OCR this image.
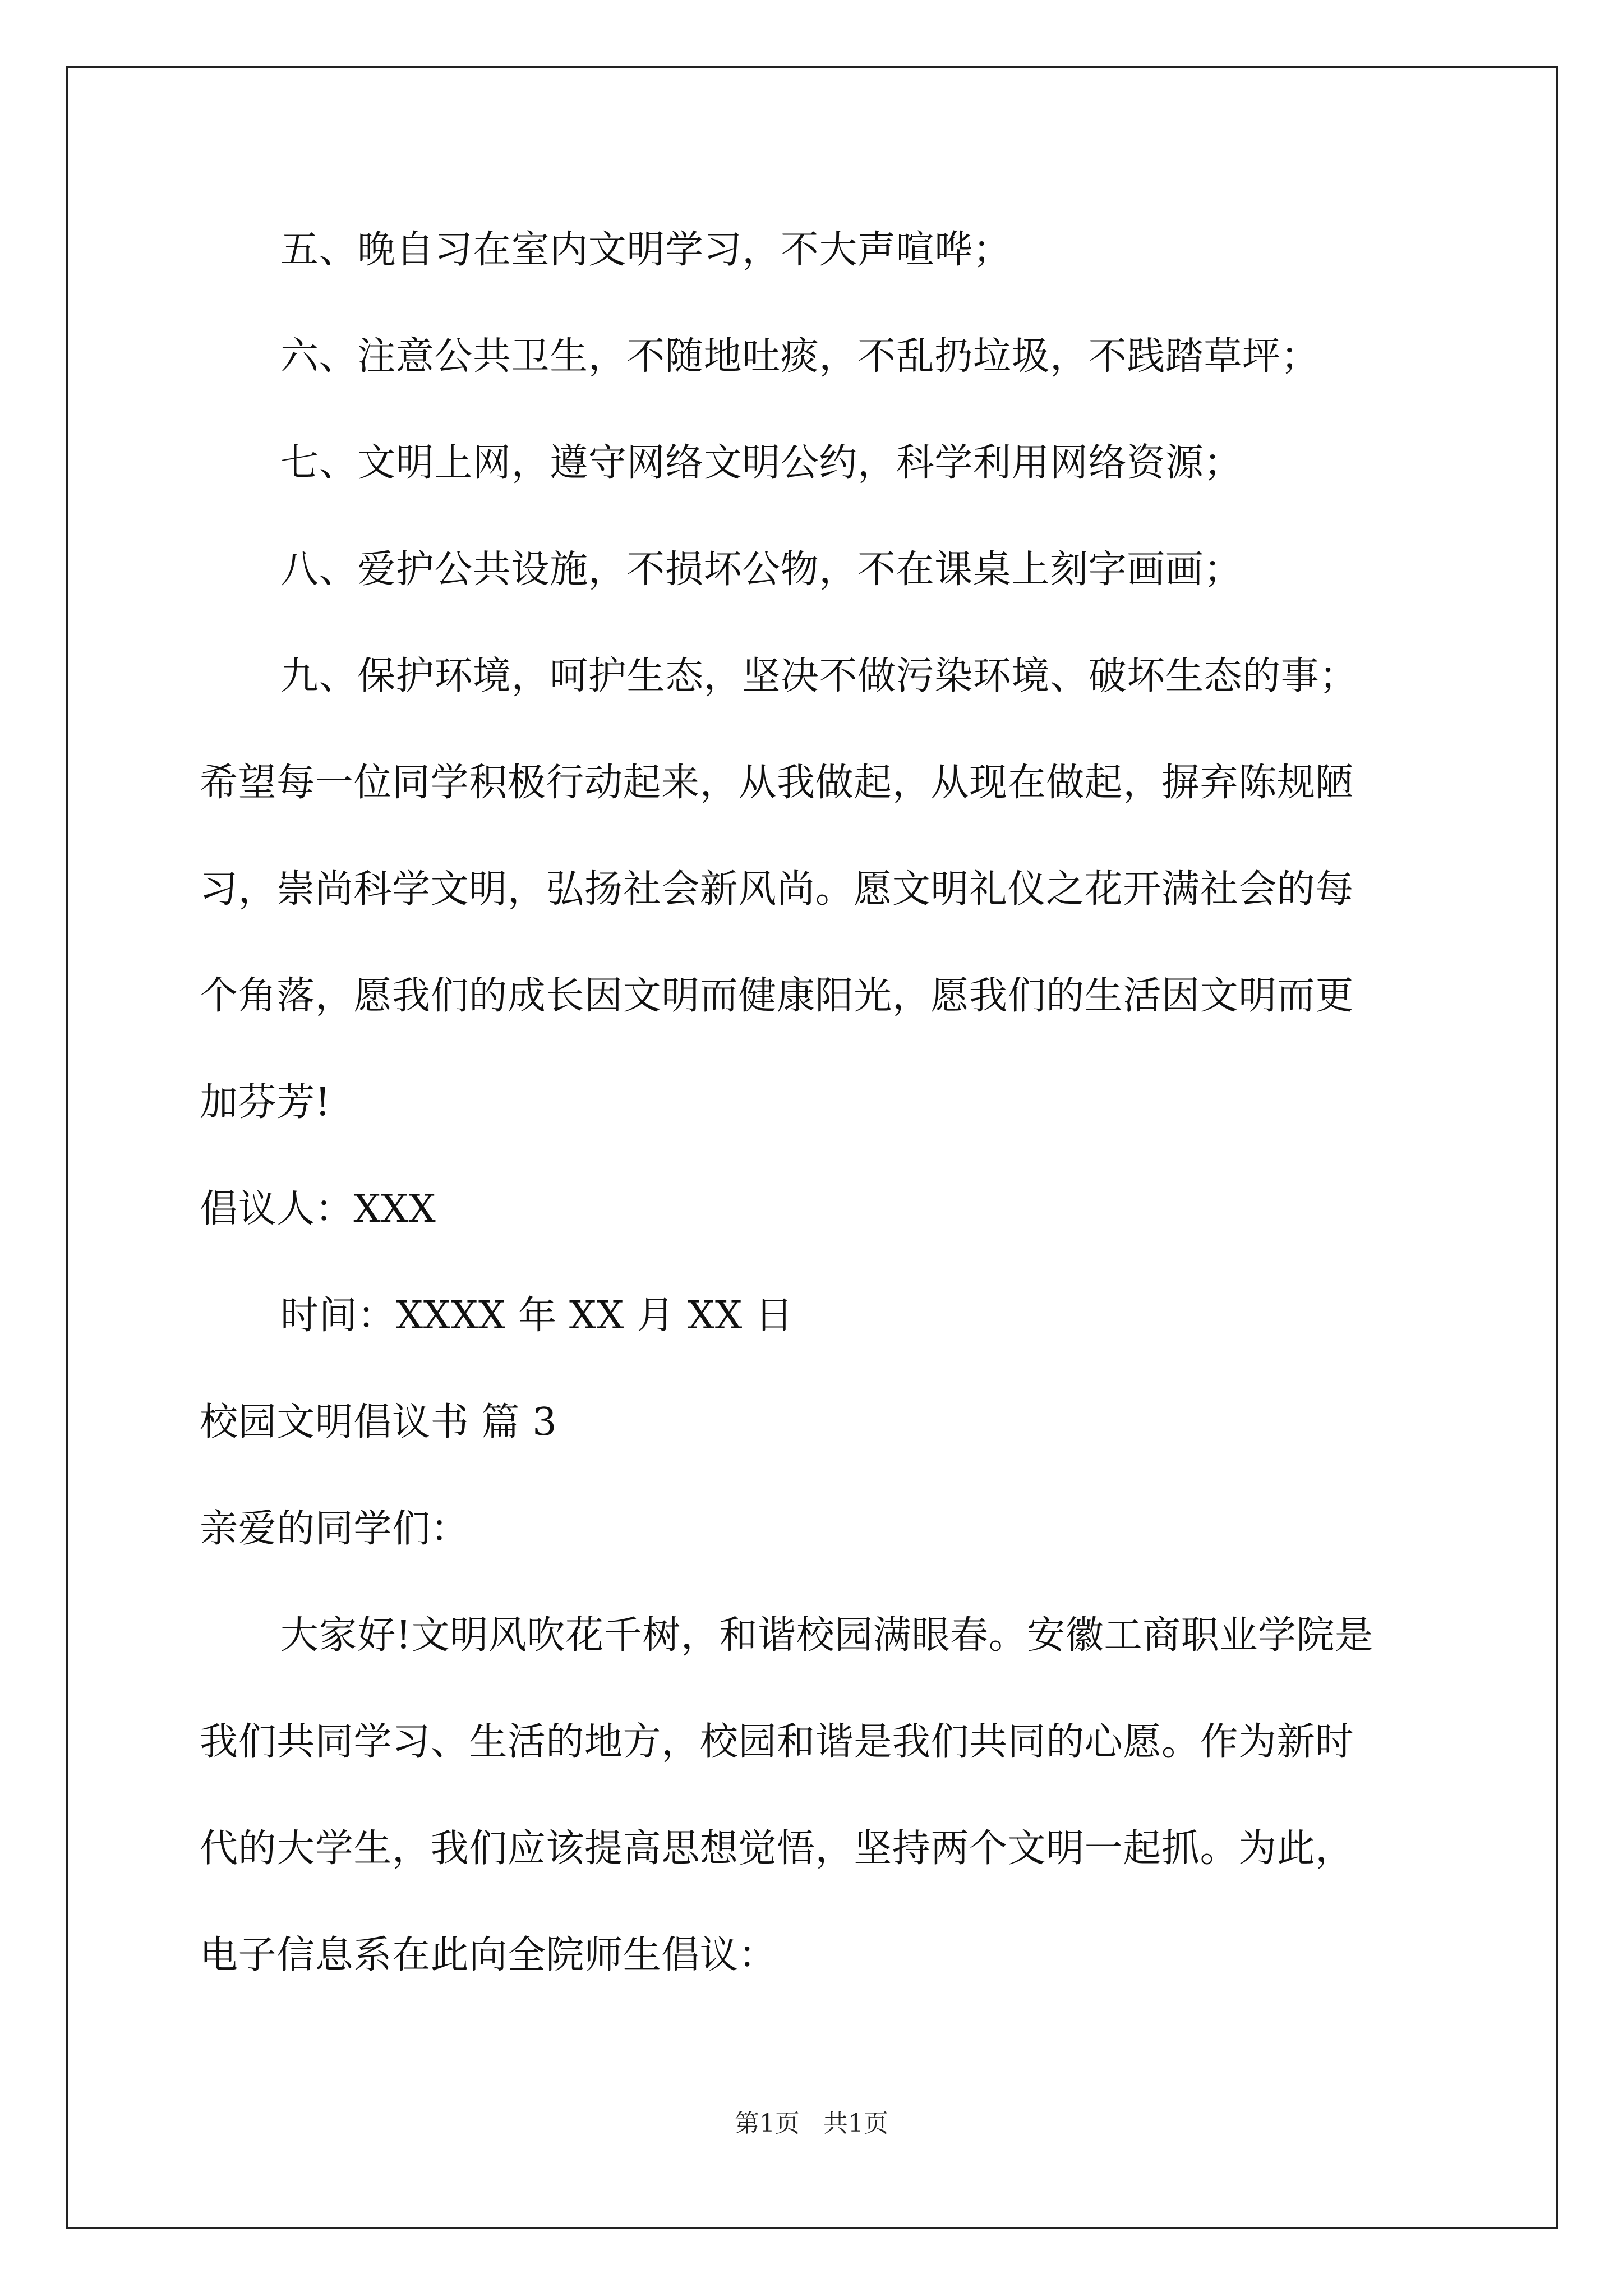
五、晚自习在室内文明学习，不大声喧哗；
六、注意公共卫生，不随地吐痰，不乱扔垃圾，不践踏草坪；
七、文明上网，遵守网络文明公约，科学利用网络资源；
八、爱护公共设施，不损坏公物，不在课桌上刻字画画；
九、保护环境，呵护生态，坚决不做污染环境、破坏生态的事；
希望每一位同学积极行动起来，从我做起，从现在做起，摒弃陈规陋
习，崇尚科学文明，弘扬社会新风尚。愿文明礼仪之花开满社会的每
个角落，愿我们的成长因文明而健康阳光，愿我们的生活因文明而更
加芬芳!
倡议人：XXX
时间：XXXX 年 XX 月 XX 日
校园文明倡议书 篇 3
亲爱的同学们：
大家好!文明风吹花千树，和谐校园满眼春。安徽工商职业学院是
我们共同学习、生活的地方，校园和谐是我们共同的心愿。作为新时
代的大学生，我们应该提高思想觉悟，坚持两个文明一起抓。为此，
电子信息系在此向全院师生倡议：
第1页   共1页
